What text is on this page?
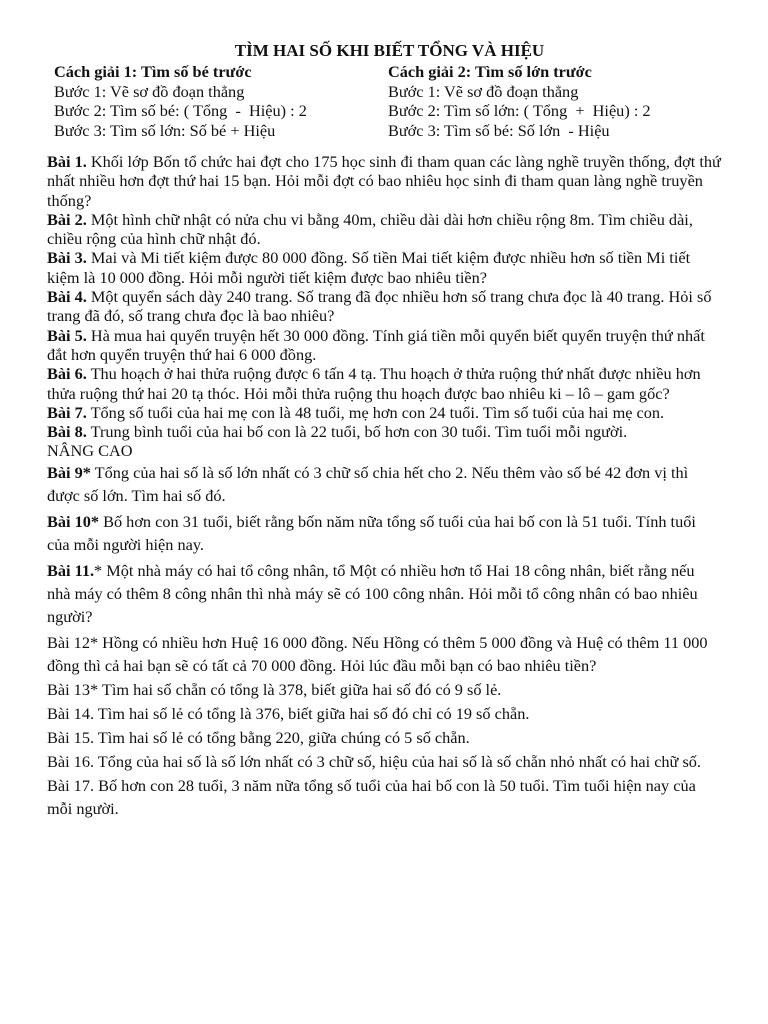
TÌM HAI SỐ KHI BIẾT TỔNG VÀ HIỆU
Cách giải 1: Tìm số bé trước
Bước 1: Vẽ sơ đồ đoạn thẳng
Bước 2: Tìm số bé: ( Tổng  -  Hiệu) : 2
Bước 3: Tìm số lớn: Số bé + Hiệu
Cách giải 2: Tìm số lớn trước
Bước 1: Vẽ sơ đồ đoạn thẳng
Bước 2: Tìm số lớn: ( Tổng  +  Hiệu) : 2
Bước 3: Tìm số bé: Số lớn  - Hiệu

Bài 1. Khối lớp Bốn tổ chức hai đợt cho 175 học sinh đi tham quan các làng nghề truyền thống, đợt thứ nhất nhiều hơn đợt thứ hai 15 bạn. Hỏi mỗi đợt có bao nhiêu học sinh đi tham quan làng nghề truyền thống?

Bài 2. Một hình chữ nhật có nửa chu vi bằng 40m, chiều dài dài hơn chiều rộng 8m. Tìm chiều dài, chiều rộng của hình chữ nhật đó.

Bài 3. Mai và Mi tiết kiệm được 80 000 đồng. Số tiền Mai tiết kiệm được nhiều hơn số tiền Mi tiết kiệm là 10 000 đồng. Hỏi mỗi người tiết kiệm được bao nhiêu tiền?

Bài 4. Một quyển sách dày 240 trang. Số trang đã đọc nhiều hơn số trang chưa đọc là 40 trang. Hỏi số trang đã đó, số trang chưa đọc là bao nhiêu?

Bài 5. Hà mua hai quyển truyện hết 30 000 đồng. Tính giá tiền mỗi quyển biết quyển truyện thứ nhất đắt hơn quyển truyện thứ hai 6 000 đồng.

Bài 6. Thu hoạch ở hai thửa ruộng được 6 tấn 4 tạ. Thu hoạch ở thửa ruộng thứ nhất được nhiều hơn thửa ruộng thứ hai 20 tạ thóc. Hỏi mỗi thửa ruộng thu hoạch được bao nhiêu ki – lô – gam gốc?

Bài 7. Tổng số tuổi của hai mẹ con là 48 tuổi, mẹ hơn con 24 tuổi. Tìm số tuổi của hai mẹ con.

Bài 8. Trung bình tuổi của hai bố con là 22 tuổi, bố hơn con 30 tuổi. Tìm tuổi mỗi người.

NÂNG CAO

Bài 9* Tổng của hai số là số lớn nhất có 3 chữ số chia hết cho 2. Nếu thêm vào số bé 42 đơn vị thì được số lớn. Tìm hai số đó.

Bài 10* Bố hơn con 31 tuổi, biết rằng bốn năm nữa tổng số tuổi của hai bố con là 51 tuổi. Tính tuổi của mỗi người hiện nay.

Bài 11.* Một nhà máy có hai tổ công nhân, tổ Một có nhiều hơn tổ Hai 18 công nhân, biết rằng nếu nhà máy có thêm 8 công nhân thì nhà máy sẽ có 100 công nhân. Hỏi mỗi tổ công nhân có bao nhiêu người?

Bài 12* Hồng có nhiều hơn Huệ 16 000 đồng. Nếu Hồng có thêm 5 000 đồng và Huệ có thêm 11 000 đồng thì cả hai bạn sẽ có tất cả 70 000 đồng. Hỏi lúc đầu mỗi bạn có bao nhiêu tiền?

Bài 13* Tìm hai số chẵn có tổng là 378, biết giữa hai số đó có 9 số lẻ.

Bài 14. Tìm hai số lẻ có tổng là 376, biết giữa hai số đó chỉ có 19 số chẵn.

Bài 15. Tìm hai số lẻ có tổng bằng 220, giữa chúng có 5 số chẵn.

Bài 16. Tổng của hai số là số lớn nhất có 3 chữ số, hiệu của hai số là số chẵn nhỏ nhất có hai chữ số.

Bài 17. Bố hơn con 28 tuổi, 3 năm nữa tổng số tuổi của hai bố con là 50 tuổi. Tìm tuổi hiện nay của mỗi người.
